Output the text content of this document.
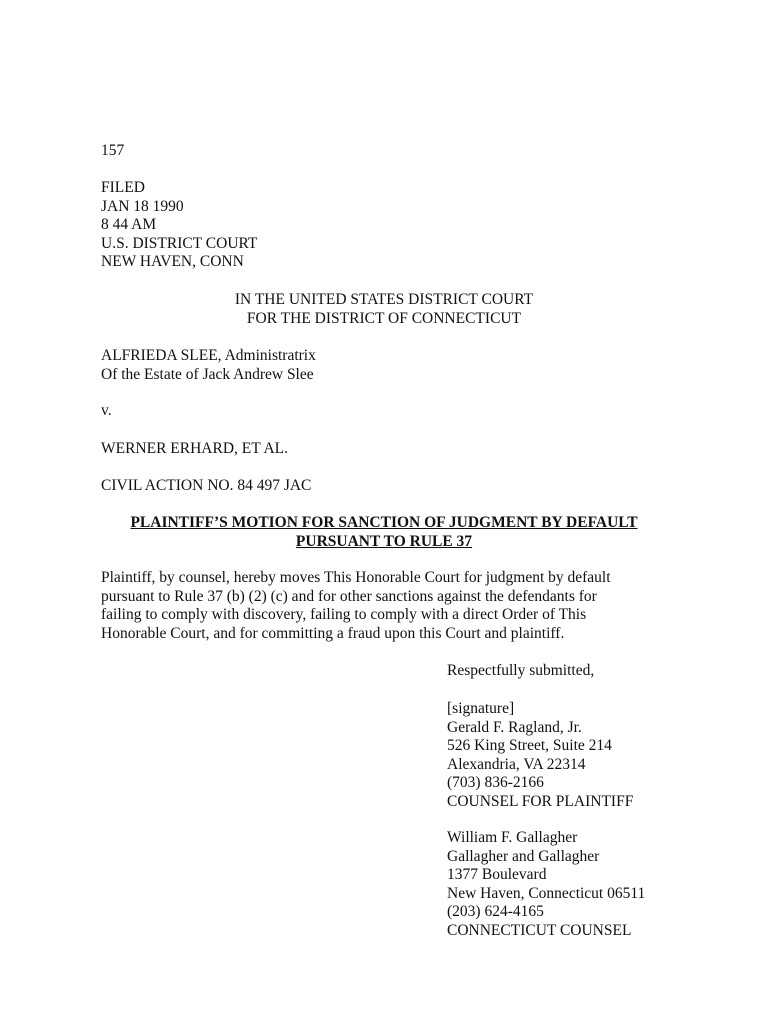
157
FILED
JAN 18 1990
8 44 AM
U.S. DISTRICT COURT
NEW HAVEN, CONN
IN THE UNITED STATES DISTRICT COURT
FOR THE DISTRICT OF CONNECTICUT
ALFRIEDA SLEE, Administratrix
Of the Estate of Jack Andrew Slee
v.
WERNER ERHARD, ET AL.
CIVIL ACTION NO. 84 497 JAC
PLAINTIFF’S MOTION FOR SANCTION OF JUDGMENT BY DEFAULT
PURSUANT TO RULE 37
Plaintiff, by counsel, hereby moves This Honorable Court for judgment by default
pursuant to Rule 37 (b) (2) (c) and for other sanctions against the defendants for
failing to comply with discovery, failing to comply with a direct Order of This
Honorable Court, and for committing a fraud upon this Court and plaintiff.
Respectfully submitted,
[signature]
Gerald F. Ragland, Jr.
526 King Street, Suite 214
Alexandria, VA 22314
(703) 836-2166
COUNSEL FOR PLAINTIFF
William F. Gallagher
Gallagher and Gallagher
1377 Boulevard
New Haven, Connecticut 06511
(203) 624-4165
CONNECTICUT COUNSEL
